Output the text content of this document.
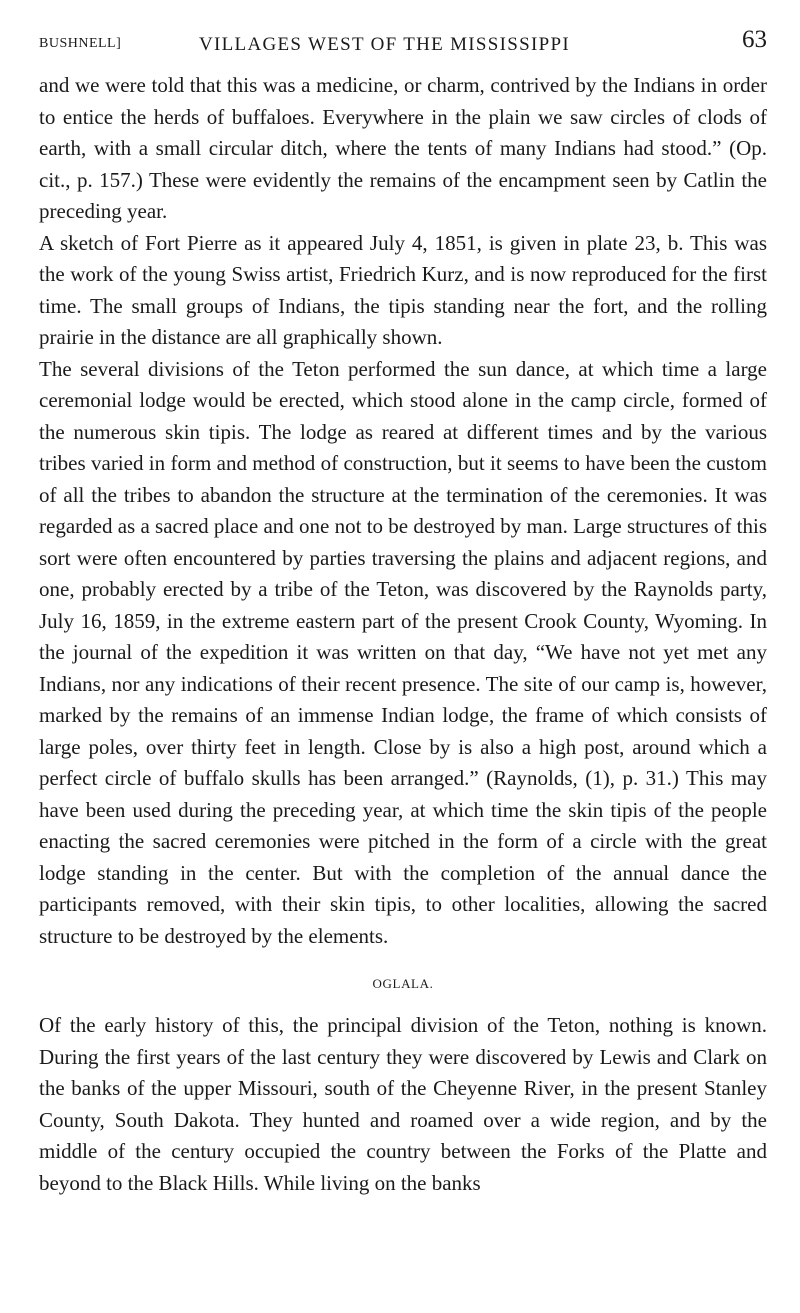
BUSHNELL]	VILLAGES WEST OF THE MISSISSIPPI	63

and we were told that this was a medicine, or charm, contrived by the Indians in order to entice the herds of buffaloes. Everywhere in the plain we saw circles of clods of earth, with a small circular ditch, where the tents of many Indians had stood.” (Op. cit., p. 157.) These were evidently the remains of the encampment seen by Catlin the preceding year.

A sketch of Fort Pierre as it appeared July 4, 1851, is given in plate 23, b. This was the work of the young Swiss artist, Friedrich Kurz, and is now reproduced for the first time. The small groups of Indians, the tipis standing near the fort, and the rolling prairie in the distance are all graphically shown.

The several divisions of the Teton performed the sun dance, at which time a large ceremonial lodge would be erected, which stood alone in the camp circle, formed of the numerous skin tipis. The lodge as reared at different times and by the various tribes varied in form and method of construction, but it seems to have been the custom of all the tribes to abandon the structure at the termination of the ceremonies. It was regarded as a sacred place and one not to be destroyed by man. Large structures of this sort were often encountered by parties traversing the plains and adjacent regions, and one, probably erected by a tribe of the Teton, was discovered by the Raynolds party, July 16, 1859, in the extreme eastern part of the present Crook County, Wyoming. In the journal of the expedition it was written on that day, “We have not yet met any Indians, nor any indications of their recent presence. The site of our camp is, however, marked by the remains of an immense Indian lodge, the frame of which consists of large poles, over thirty feet in length. Close by is also a high post, around which a perfect circle of buffalo skulls has been arranged.” (Raynolds, (1), p. 31.) This may have been used during the preceding year, at which time the skin tipis of the people enacting the sacred ceremonies were pitched in the form of a circle with the great lodge standing in the center. But with the completion of the annual dance the participants removed, with their skin tipis, to other localities, allowing the sacred structure to be destroyed by the elements.

OGLALA.

Of the early history of this, the principal division of the Teton, nothing is known. During the first years of the last century they were discovered by Lewis and Clark on the banks of the upper Missouri, south of the Cheyenne River, in the present Stanley County, South Dakota. They hunted and roamed over a wide region, and by the middle of the century occupied the country between the Forks of the Platte and beyond to the Black Hills. While living on the banks
